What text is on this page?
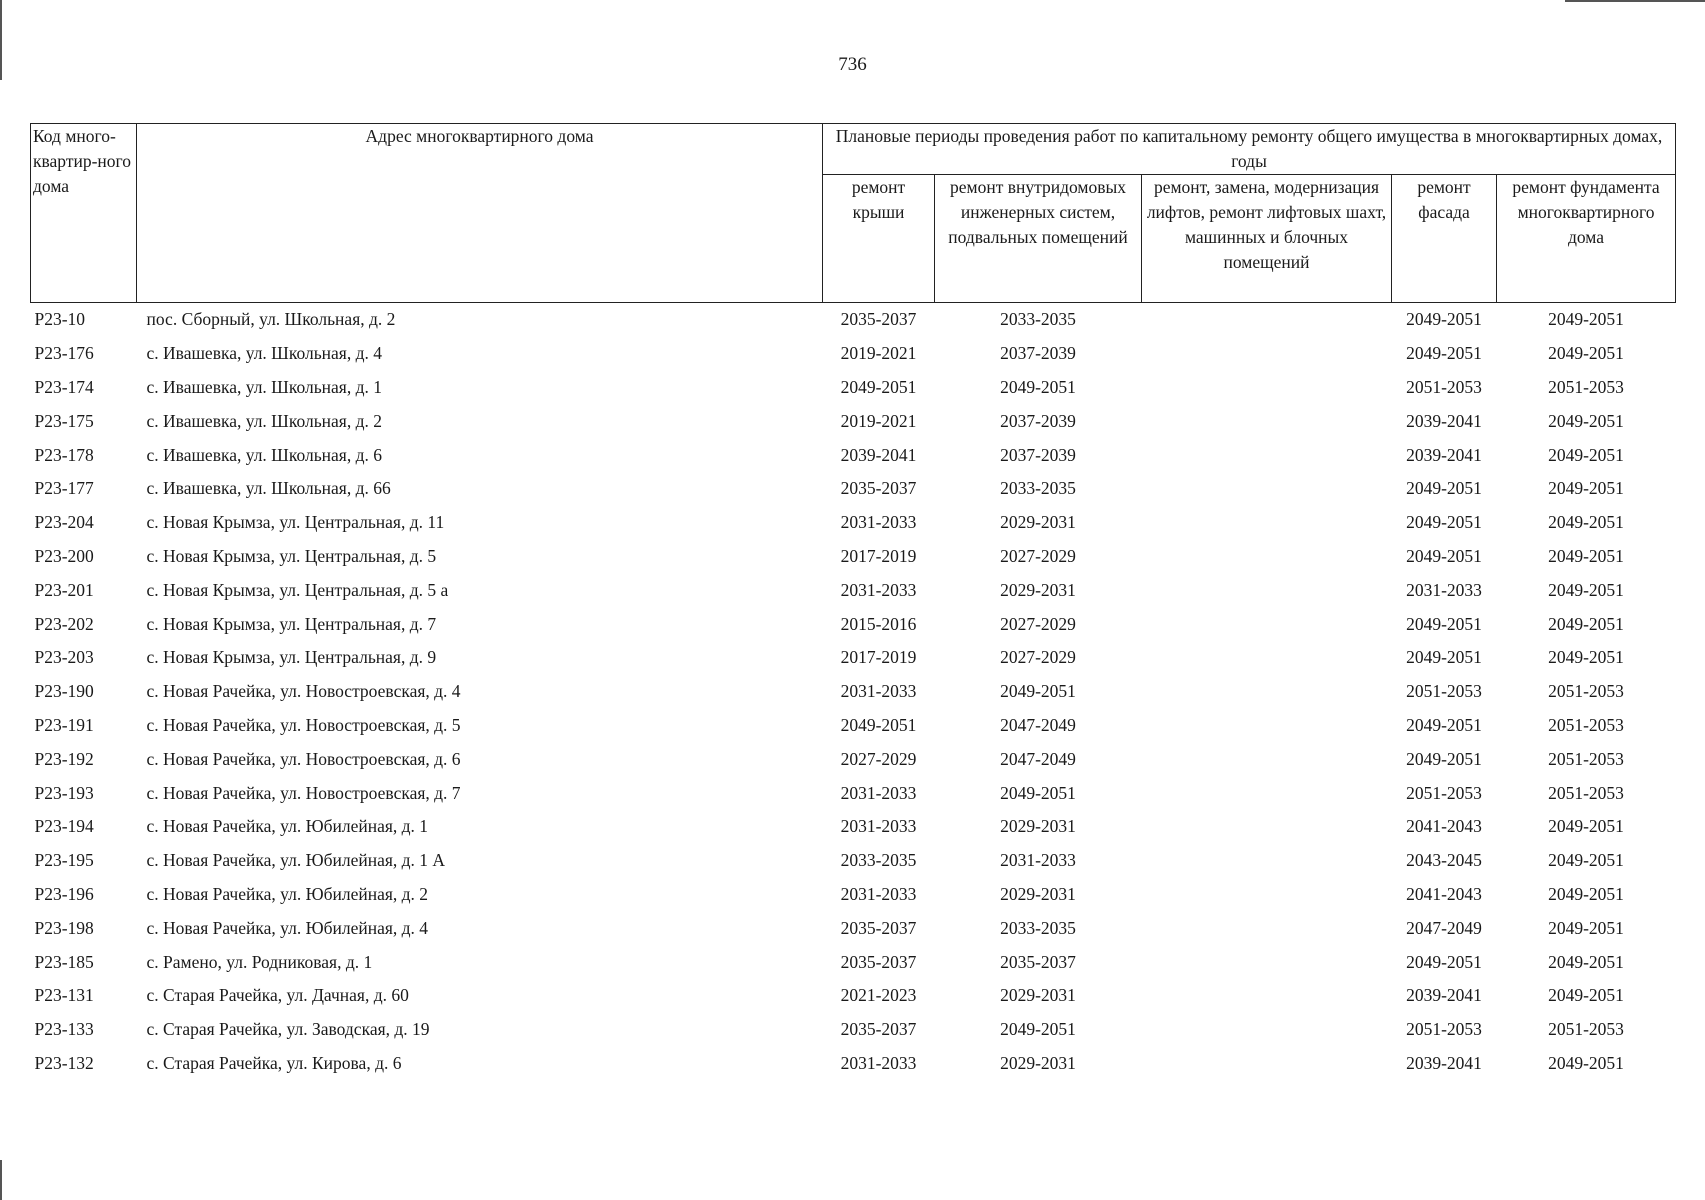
736
Код много-квартир-ного дома	Адрес многоквартирного дома	Плановые периоды проведения работ по капитальному ремонту общего имущества в многоквартирных домах, годы				
		ремонт крыши	ремонт внутридомовых инженерных систем, подвальных помещений	ремонт, замена, модернизация лифтов, ремонт лифтовых шахт, машинных и блочных помещений	ремонт фасада	ремонт фундамента многоквартирного дома
P23-10	пос. Сборный, ул. Школьная, д. 2	2035-2037	2033-2035		2049-2051	2049-2051
P23-176	с. Ивашевка, ул. Школьная, д. 4	2019-2021	2037-2039		2049-2051	2049-2051
P23-174	с. Ивашевка, ул. Школьная, д. 1	2049-2051	2049-2051		2051-2053	2051-2053
P23-175	с. Ивашевка, ул. Школьная, д. 2	2019-2021	2037-2039		2039-2041	2049-2051
P23-178	с. Ивашевка, ул. Школьная, д. 6	2039-2041	2037-2039		2039-2041	2049-2051
P23-177	с. Ивашевка, ул. Школьная, д. 66	2035-2037	2033-2035		2049-2051	2049-2051
P23-204	с. Новая Крымза, ул. Центральная, д. 11	2031-2033	2029-2031		2049-2051	2049-2051
P23-200	с. Новая Крымза, ул. Центральная, д. 5	2017-2019	2027-2029		2049-2051	2049-2051
P23-201	с. Новая Крымза, ул. Центральная, д. 5 а	2031-2033	2029-2031		2031-2033	2049-2051
P23-202	с. Новая Крымза, ул. Центральная, д. 7	2015-2016	2027-2029		2049-2051	2049-2051
P23-203	с. Новая Крымза, ул. Центральная, д. 9	2017-2019	2027-2029		2049-2051	2049-2051
P23-190	с. Новая Рачейка, ул. Новостроевская, д. 4	2031-2033	2049-2051		2051-2053	2051-2053
P23-191	с. Новая Рачейка, ул. Новостроевская, д. 5	2049-2051	2047-2049		2049-2051	2051-2053
P23-192	с. Новая Рачейка, ул. Новостроевская, д. 6	2027-2029	2047-2049		2049-2051	2051-2053
P23-193	с. Новая Рачейка, ул. Новостроевская, д. 7	2031-2033	2049-2051		2051-2053	2051-2053
P23-194	с. Новая Рачейка, ул. Юбилейная, д. 1	2031-2033	2029-2031		2041-2043	2049-2051
P23-195	с. Новая Рачейка, ул. Юбилейная, д. 1 А	2033-2035	2031-2033		2043-2045	2049-2051
P23-196	с. Новая Рачейка, ул. Юбилейная, д. 2	2031-2033	2029-2031		2041-2043	2049-2051
P23-198	с. Новая Рачейка, ул. Юбилейная, д. 4	2035-2037	2033-2035		2047-2049	2049-2051
P23-185	с. Рамено, ул. Родниковая, д. 1	2035-2037	2035-2037		2049-2051	2049-2051
P23-131	с. Старая Рачейка, ул. Дачная, д. 60	2021-2023	2029-2031		2039-2041	2049-2051
P23-133	с. Старая Рачейка, ул. Заводская, д. 19	2035-2037	2049-2051		2051-2053	2051-2053
P23-132	с. Старая Рачейка, ул. Кирова, д. 6	2031-2033	2029-2031		2039-2041	2049-2051
